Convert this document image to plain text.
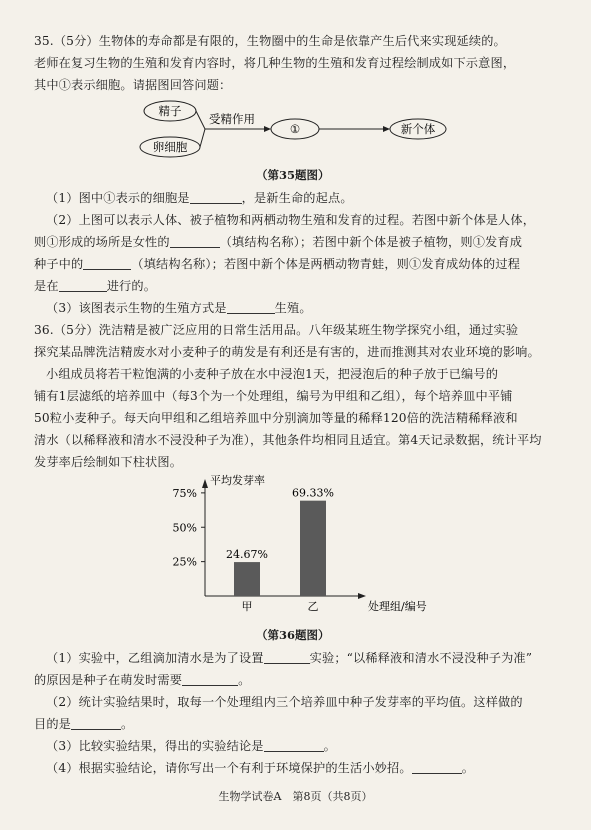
35.（5分）生物体的寿命都是有限的，生物圈中的生命是依靠产生后代来实现延续的。
老师在复习生物的生殖和发育内容时，将几种生物的生殖和发育过程绘制成如下示意图，
其中①表示细胞。请据图回答问题：
精子
卵细胞
受精作用
①	新个体
（第35题图）
（1）图中①表示的细胞是	，是新生命的起点。
（2）上图可以表示人体、被子植物和两栖动物生殖和发育的过程。若图中新个体是人体，
则①形成的场所是女性的	（填结构名称）；若图中新个体是被子植物，则①发育成
种子中的	（填结构名称）；若图中新个体是两栖动物青蛙，则①发育成幼体的过程
是在	进行的。
（3）该图表示生物的生殖方式是	生殖。
36.（5分）洗洁精是被广泛应用的日常生活用品。八年级某班生物学探究小组，通过实验
探究某品牌洗洁精废水对小麦种子的萌发是有利还是有害的，进而推测其对农业环境的影响。
小组成员将若干粒饱满的小麦种子放在水中浸泡1天，把浸泡后的种子放于已编号的
铺有1层滤纸的培养皿中（每3个为一个处理组，编号为甲组和乙组），每个培养皿中平铺
50粒小麦种子。每天向甲组和乙组培养皿中分别滴加等量的稀释120倍的洗洁精稀释液和
清水（以稀释液和清水不浸没种子为准），其他条件均相同且适宜。第4天记录数据，统计平均
发芽率后绘制如下柱状图。
平均发芽率
处理组/编号
25%
50%
75%
24.67%
甲
69.33%
乙
（第36题图）
（1）实验中，乙组滴加清水是为了设置	实验；“以稀释液和清水不浸没种子为准”
的原因是种子在萌发时需要	。
（2）统计实验结果时，取每一个处理组内三个培养皿中种子发芽率的平均值。这样做的
目的是	。
（3）比较实验结果，得出的实验结论是	。
（4）根据实验结论，请你写出一个有利于环境保护的生活小妙招。	。
生物学试卷A　第8页（共8页）
